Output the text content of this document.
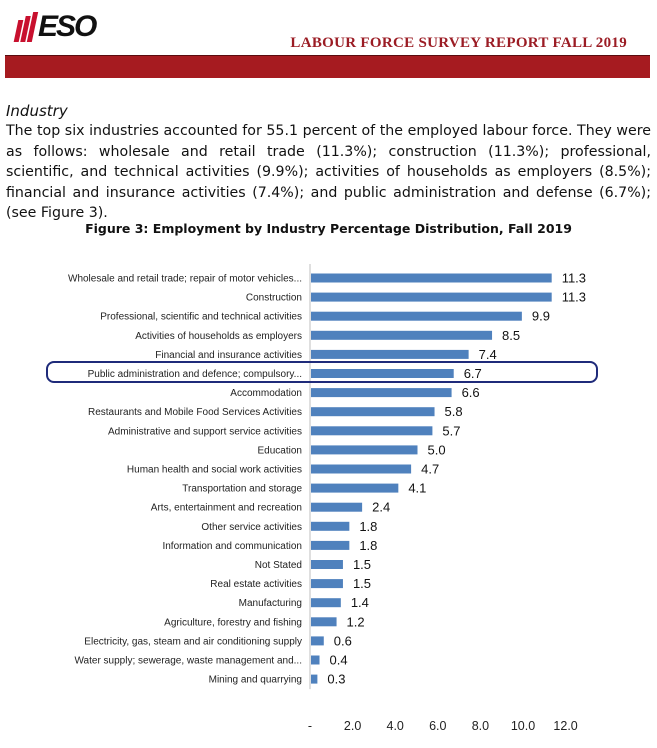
ESO	LABOUR FORCE SURVEY REPORT FALL 2019
Industry
The top six industries accounted for 55.1 percent of the employed labour force. They were as follows: wholesale and retail trade (11.3%); construction (11.3%); professional, scientific, and technical activities (9.9%); activities of households as employers (8.5%); financial and insurance activities (7.4%); and public administration and defense (6.7%); (see Figure 3).
Figure 3: Employment by Industry Percentage Distribution, Fall 2019
Wholesale and retail trade; repair of motor vehicles...	11.3
Construction	11.3
Professional, scientific and technical activities	9.9
Activities of households as employers	8.5
Financial and insurance activities	7.4
Public administration and defence; compulsory...	6.7
Accommodation	6.6
Restaurants and Mobile Food Services Activities	5.8
Administrative and support service activities	5.7
Education	5.0
Human health and social work activities	4.7
Transportation and storage	4.1
Arts, entertainment and recreation	2.4
Other service activities	1.8
Information and communication	1.8
Not Stated	1.5
Real estate activities	1.5
Manufacturing	1.4
Agriculture, forestry and fishing	1.2
Electricity, gas, steam and air conditioning supply 0.6
Water supply; sewerage, waste management and... 0.4
Mining and quarrying 0.3
-	2.0 4.0 6.0 8.0 10.0 12.0
